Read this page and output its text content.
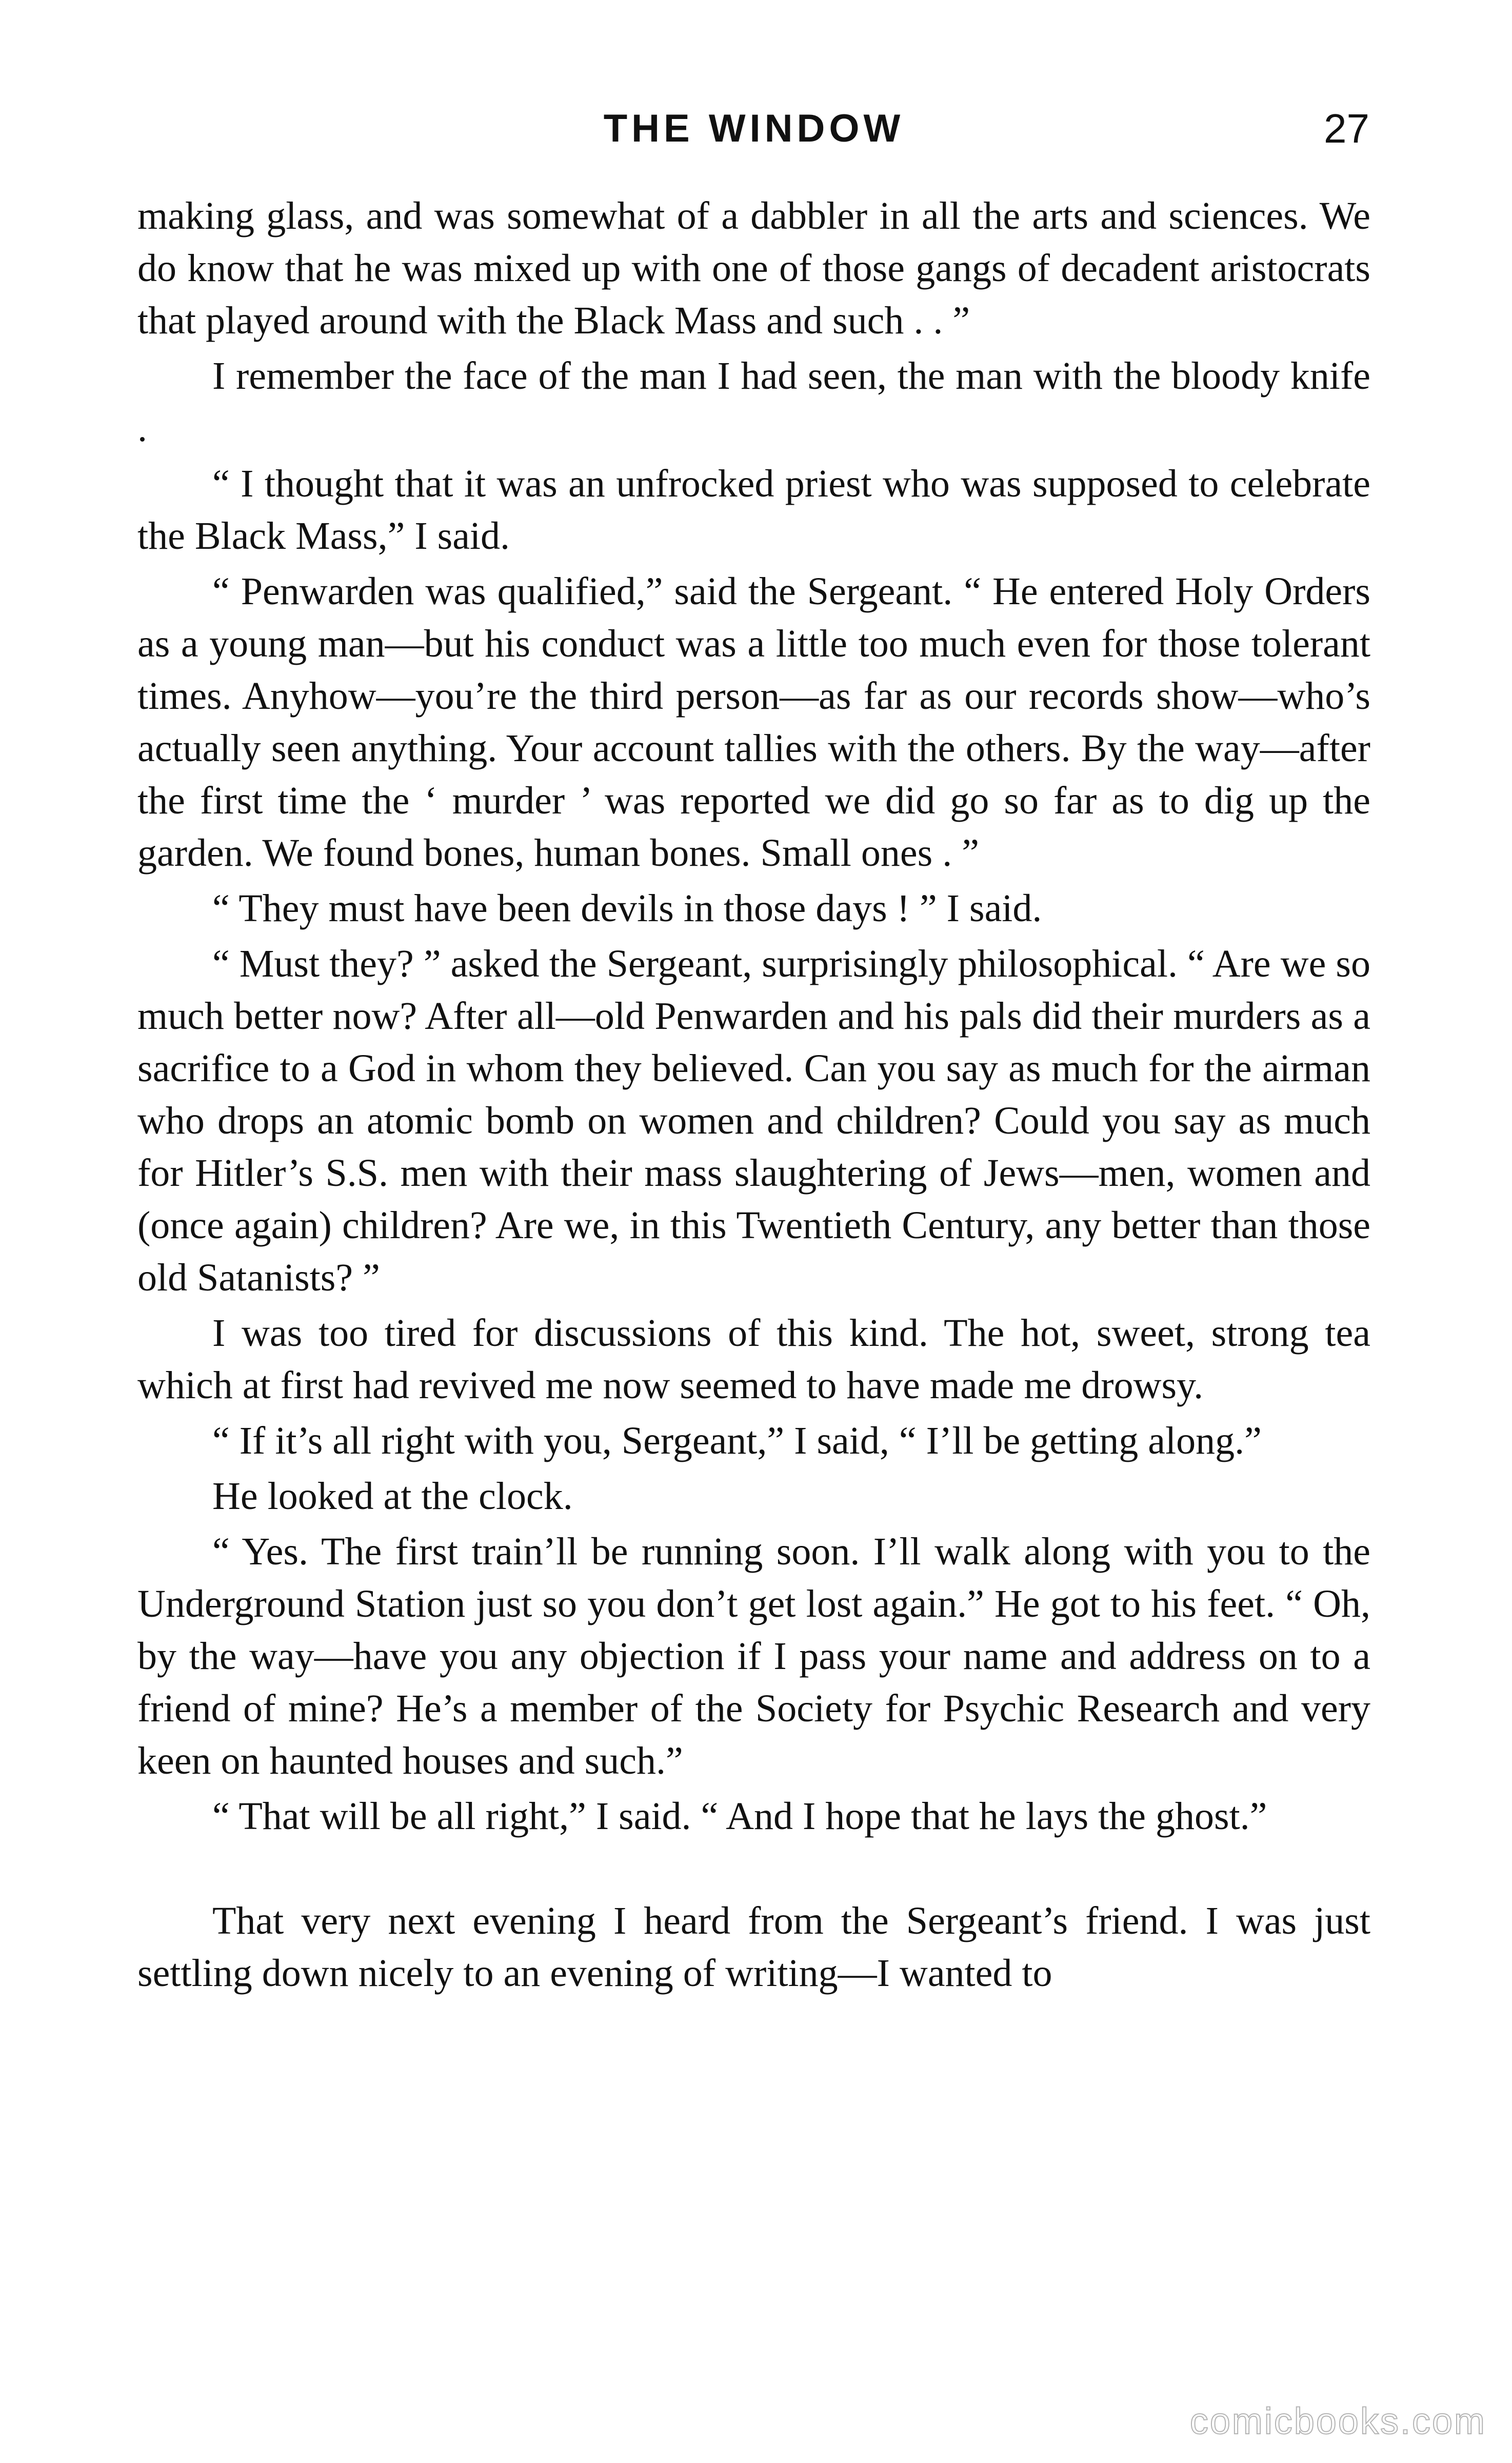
THE WINDOW	27

making glass, and was somewhat of a dabbler in all the arts and sciences. We do know that he was mixed up with one of those gangs of decadent aristocrats that played around with the Black Mass and such . . ”

I remember the face of the man I had seen, the man with the bloody knife .

“ I thought that it was an unfrocked priest who was supposed to celebrate the Black Mass,” I said.

“ Penwarden was qualified,” said the Sergeant. “ He entered Holy Orders as a young man—but his conduct was a little too much even for those tolerant times. Anyhow—you’re the third person—as far as our records show—who’s actually seen anything. Your account tallies with the others. By the way—after the first time the ‘ murder ’ was reported we did go so far as to dig up the garden. We found bones, human bones. Small ones . ”

“ They must have been devils in those days ! ” I said.

“ Must they? ” asked the Sergeant, surprisingly philosophical. “ Are we so much better now? After all—old Penwarden and his pals did their murders as a sacrifice to a God in whom they believed. Can you say as much for the airman who drops an atomic bomb on women and children? Could you say as much for Hitler’s S.S. men with their mass slaughtering of Jews—men, women and (once again) children? Are we, in this Twentieth Century, any better than those old Satanists? ”

I was too tired for discussions of this kind. The hot, sweet, strong tea which at first had revived me now seemed to have made me drowsy.

“ If it’s all right with you, Sergeant,” I said, “ I’ll be getting along.”

He looked at the clock.

“ Yes. The first train’ll be running soon. I’ll walk along with you to the Underground Station just so you don’t get lost again.” He got to his feet. “ Oh, by the way—have you any objection if I pass your name and address on to a friend of mine? He’s a member of the Society for Psychic Research and very keen on haunted houses and such.”

“ That will be all right,” I said. “ And I hope that he lays the ghost.”

That very next evening I heard from the Sergeant’s friend. I was just settling down nicely to an evening of writing—I wanted to

comicbooks.com
